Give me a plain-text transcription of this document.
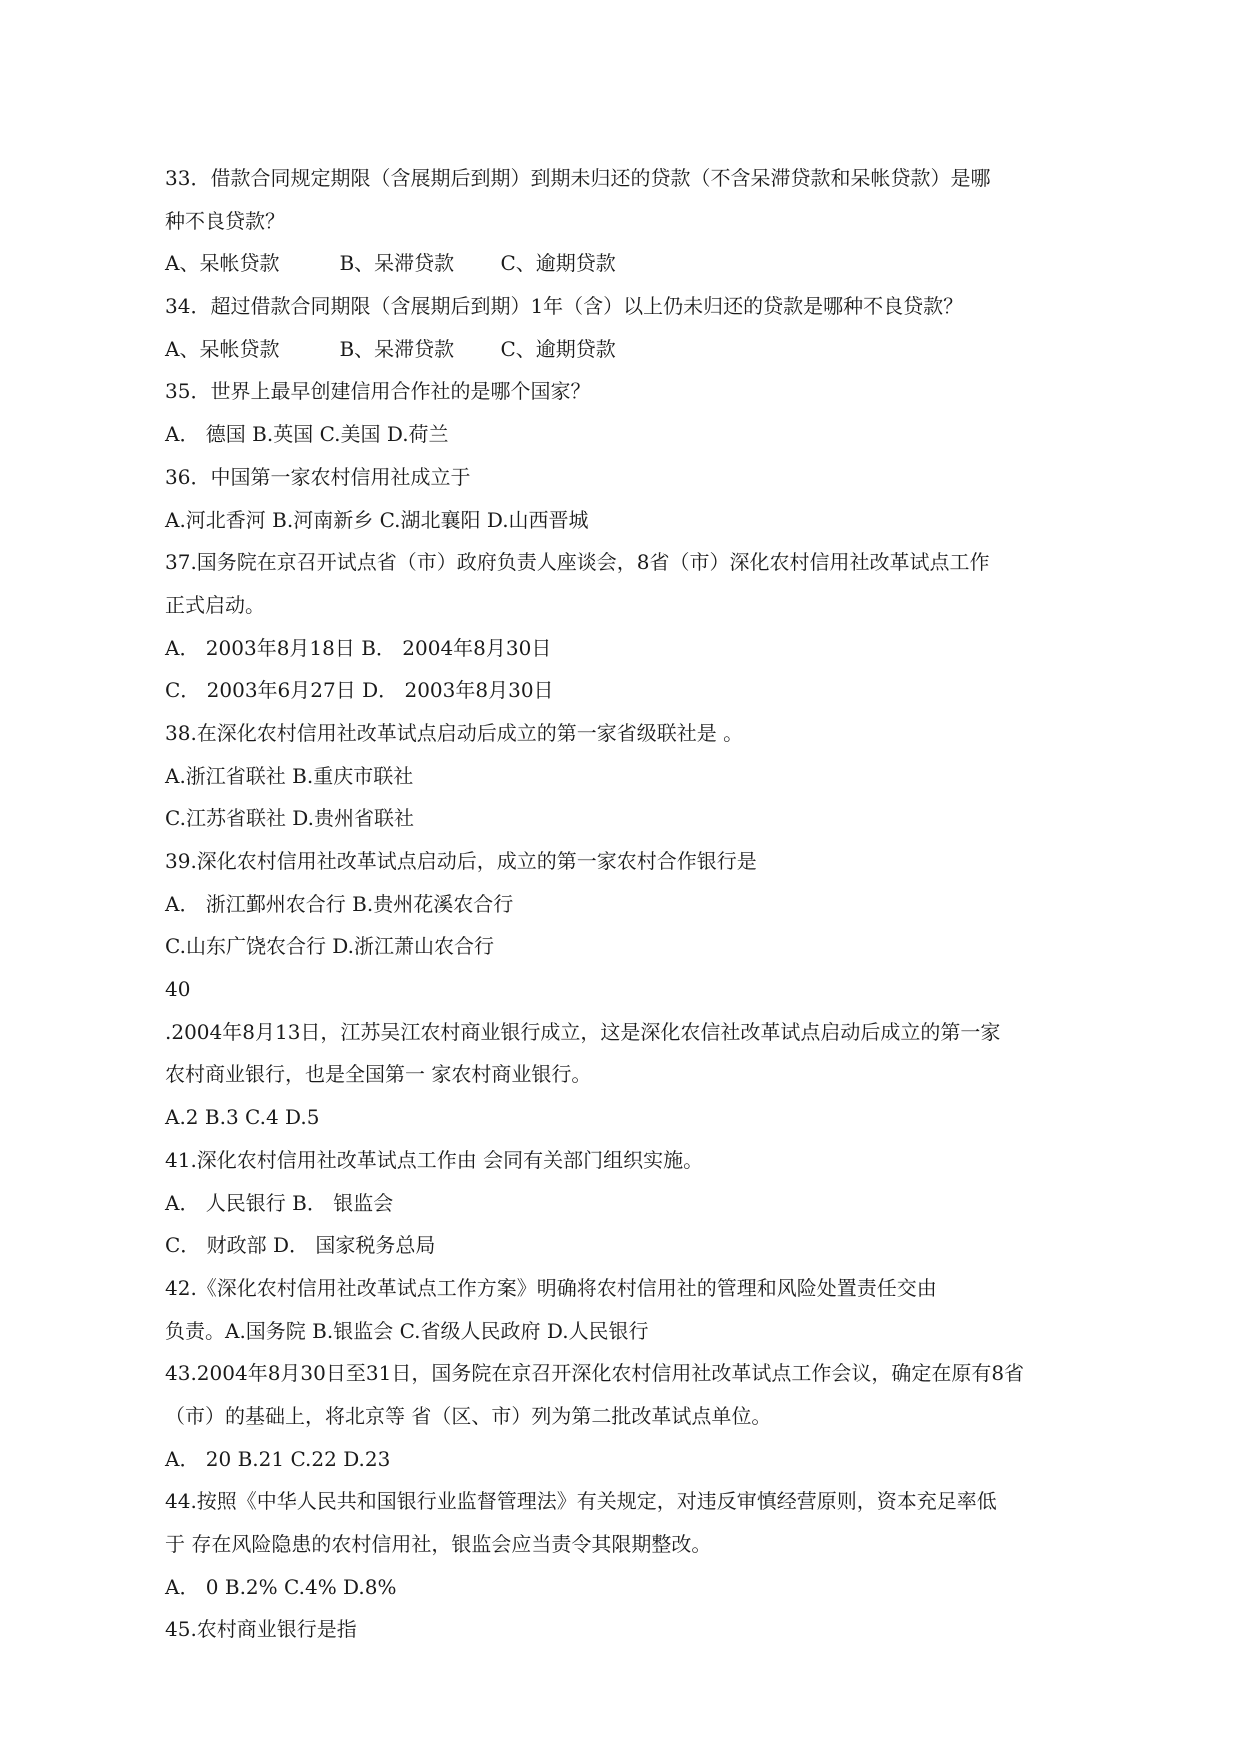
33．借款合同规定期限（含展期后到期）到期未归还的贷款（不含呆滞贷款和呆帐贷款）是哪
种不良贷款？
A、呆帐贷款　　　B、呆滞贷款　　 C、逾期贷款
34．超过借款合同期限（含展期后到期）1年（含）以上仍未归还的贷款是哪种不良贷款？
A、呆帐贷款　　　B、呆滞贷款　　 C、逾期贷款
35．世界上最早创建信用合作社的是哪个国家？
A． 德国 B.英国 C.美国 D.荷兰
36．中国第一家农村信用社成立于
A.河北香河 B.河南新乡 C.湖北襄阳 D.山西晋城
37.国务院在京召开试点省（市）政府负责人座谈会，8省（市）深化农村信用社改革试点工作
正式启动。
A． 2003年8月18日 B． 2004年8月30日
C． 2003年6月27日 D． 2003年8月30日
38.在深化农村信用社改革试点启动后成立的第一家省级联社是 。
A.浙江省联社 B.重庆市联社
C.江苏省联社 D.贵州省联社
39.深化农村信用社改革试点启动后，成立的第一家农村合作银行是
A． 浙江鄞州农合行 B.贵州花溪农合行
C.山东广饶农合行 D.浙江萧山农合行
40
.2004年8月13日，江苏吴江农村商业银行成立，这是深化农信社改革试点启动后成立的第一家
农村商业银行，也是全国第一 家农村商业银行。
A.2 B.3 C.4 D.5
41.深化农村信用社改革试点工作由 会同有关部门组织实施。
A． 人民银行 B． 银监会
C． 财政部 D． 国家税务总局
42.《深化农村信用社改革试点工作方案》明确将农村信用社的管理和风险处置责任交由
负责。A.国务院 B.银监会 C.省级人民政府 D.人民银行
43.2004年8月30日至31日，国务院在京召开深化农村信用社改革试点工作会议，确定在原有8省
（市）的基础上，将北京等 省（区、市）列为第二批改革试点单位。
A． 20 B.21 C.22 D.23
44.按照《中华人民共和国银行业监督管理法》有关规定，对违反审慎经营原则，资本充足率低
于 存在风险隐患的农村信用社，银监会应当责令其限期整改。
A． 0 B.2% C.4% D.8%
45.农村商业银行是指
